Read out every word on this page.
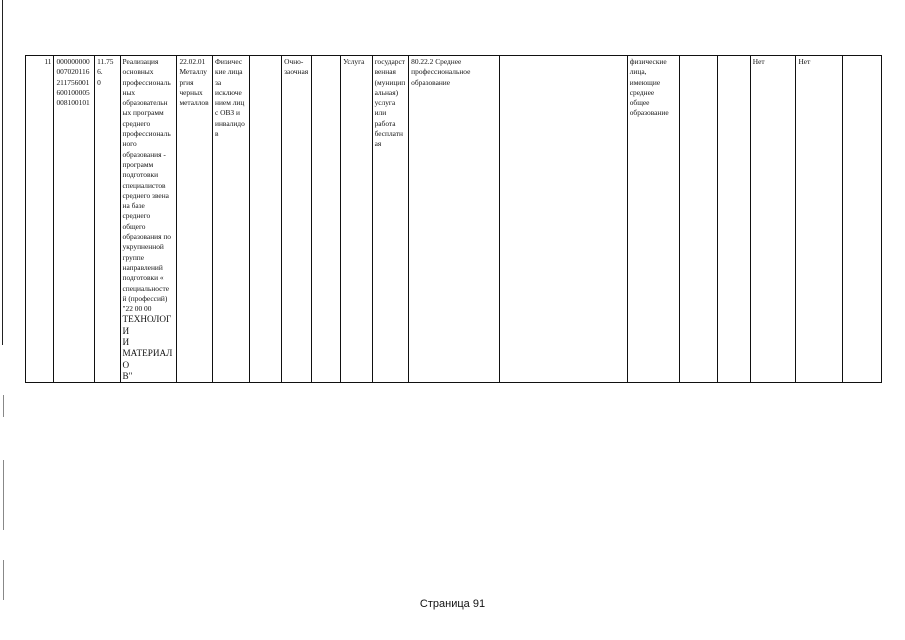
11	000000000
007020116
211756001
600100005
008100101	11.756.
0	Реализация
основных
профессиональ
ных
образовательн
ых программ
среднего
профессиональ
ного
образования -
программ
подготовки
специалистов
среднего звена
на базе
среднего
общего
образования по
укрупненной
группе
направлений
подготовки «
специальносте
й (профессий)
"22 00 00
ТЕХНОЛОГИ
И
МАТЕРИАЛО
В"	22.02.01
Металлу
ргия
черных
металлов	Физичес
кие лица
за
исключе
нием лиц
с ОВЗ и
инвалидо
в		Очно-
заочная		Услуга	государст
венная
(муницип
альная)
услуга
или
работа
бесплатн
ая	80.22.2 Среднее
профессиональное
образование		физические
лица,
имеющие
среднее
общее
образование			Нет	Нет	
Страница 91
